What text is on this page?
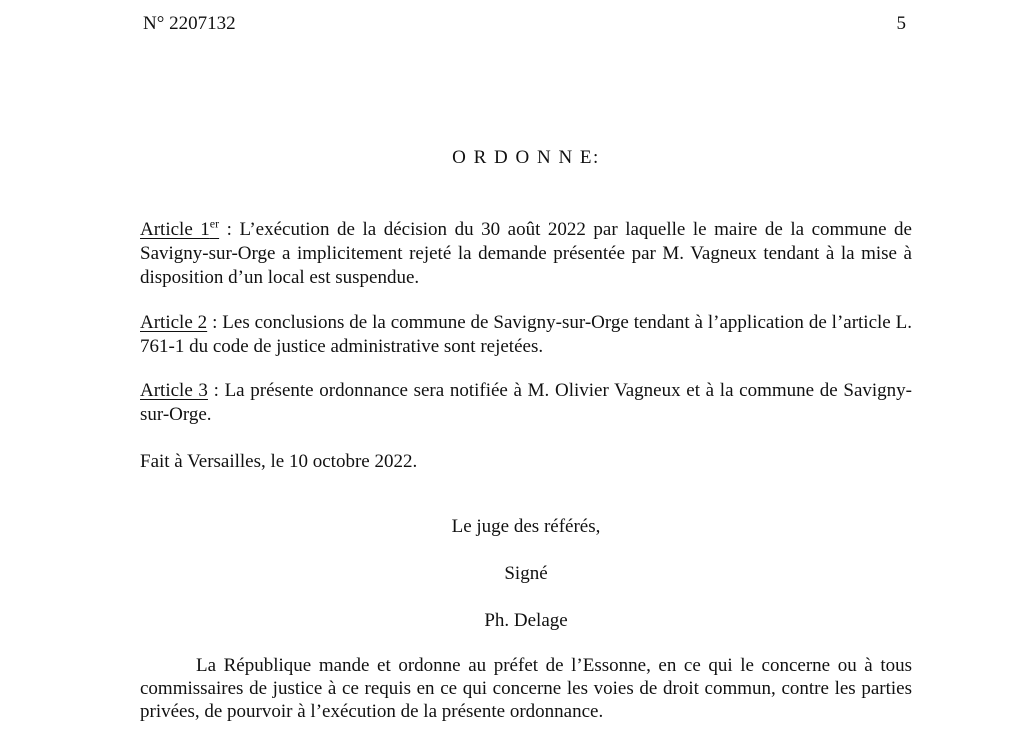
N° 2207132	5
O R D O N N E:

Article 1er : L’exécution de la décision du 30 août 2022 par laquelle le maire de la commune de Savigny-sur-Orge a implicitement rejeté la demande présentée par M. Vagneux tendant à la mise à disposition d’un local est suspendue.

Article 2 : Les conclusions de la commune de Savigny-sur-Orge tendant à l’application de l’article L. 761-1 du code de justice administrative sont rejetées.

Article 3 : La présente ordonnance sera notifiée à M. Olivier Vagneux et à la commune de Savigny-sur-Orge.

Fait à Versailles, le 10 octobre 2022.

Le juge des référés,

Signé

Ph. Delage

La République mande et ordonne au préfet de l’Essonne, en ce qui le concerne ou à tous commissaires de justice à ce requis en ce qui concerne les voies de droit commun, contre les parties privées, de pourvoir à l’exécution de la présente ordonnance.
